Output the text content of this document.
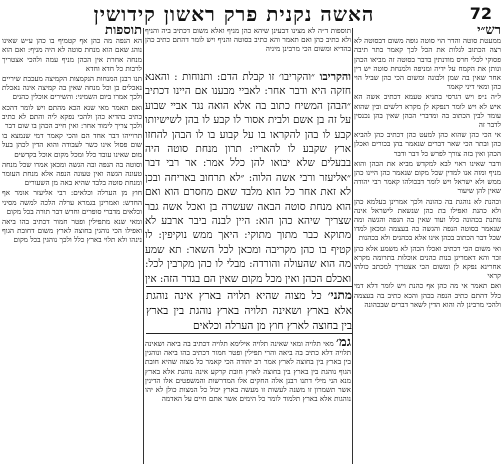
72
האשה נקנית פרק ראשון קידושין
רש״י

ממעטת סוטה והדר הוי סוטה גופה משום דבסוטה לא רצה הכתוב לגלות את הכל לכך קאמר בתר תיבה פסוקי לכלי חרס מודנתין בדבר בסוטה זה מביאו הכהן ונותן את הקמח על ידיה ומניפה ולמנחת סוטה יש דין אחר שאין בה שמן ולבונה ומשום הכי כהן שביל הוי כהן ומאי דיני קאמר

ל״ה נ״פ ויש דגרסי בתניא טעמא דכתיב אשה הא איש לא ויש לומר דנפקא לן מקרא דלשים ובין שהוא עומד לבין הכתוב בה ומדברי הכהן שאין בהן נכנסין לדבר זה

אי הכי כהן שהוא כהן למעט כהן דכתיב כהן להביא כהן ובתר הכי שאר דברים שנאמר בהן בכורים ואכלן הכהן ואין בזה צורך לפרש כל דבר ודבר

ודבר שאינו ראוי לבא למקדש מביא את הכהן והוא מניף ומזה אנו למדין שכל מקום שנאמר כהן היינו כהן ממש ולא ישראל ויש לומר דבכולהו קאמר רבי יהודה שאין להן שיעור

וכהנת לא נוהגת בה כהונה ולכך אמרינן בעלמא כהן ולא כהנת ואפילו בת כהן שנשאת לישראל אינה נותנת בכהונה כלל ועוד שאין בה הנפה והגשה ומה שנאמר בסוטה הנפה והגשה בה בעצמה ומכאן למדו שכל דבר הכתוב בכהן אינו אלא בכהנים ולא בכהנות

ואי משום הכי דכתיב ואכלו הכהן לא משמע אלא כהן זכר והא דאמרינן בנות כהנים אוכלות בתרומה מקרא אחרינא נפקא לן ומשום הכי אצטריך למכתב כולהו קראי

ואם תאמר אי מה כהן אף כהנת ויש לומר דלא דמי כלל דהתם כתיב הנפה בכהן והכא כתיב בה בעצמה ולהכי מרבינן לה והוא הדין לשאר דברים שבכהונה

תוספות ד״ה לא מצינו דבעינן שיהא כהן מניף ואלא משום דכתיב ביה והניף ולא כתיב כהן ואם תאמר והא כתיב בסוטה והניף ויש לומר דהתם כתיב כהן בהדיא ומשום הכי מרבינן מיניה
והקריבו ״והקריבו׳ זו קבלת הדם: ותנוחות : והאנא חזקה היא ודבר אחר: לאביי מבענו אם היינו דכתיב ״הבהן המשיח כתוב בה אלא הואה נגד אביי שבוע על זה בן אשם ולבית אסור לו קבע לו בהן לשישיותו קבע לו בהן להקראו בו על קבוע בו לו הבהן להחזו ארץ שקבע לו להאריו: תרון מנחת סוטה היה בבעלים שלא יבואו להן כלל אמר: אר רבי דבר ״אליעזר ורבי אשה הלוה: ״לא תרחוב באריחה ובכן לא זאת אחר כל הוא מלבד שאם מחסרם הוא ואם הוא מנחת סוטה הבאה שעשרה בן ואכל אשה גבר שצריך שיהא כהן הוא: היין לבנה ביבר ארבע לא מתוקא כבר מתוך מתוקי: היאך ממש נוקיפין: לו קטיף בו כהן מקריבה ומכאן לכל השאר: תא שמע מה הוא שהעולה והורדה: מבלי לו כהן מקרבין לכל: ואכלם הכהן ואין מכל מקום שאין הם בגדר הזה: אין
מתני׳ כל מצוה שהיא תלויה בארץ אינה נוהגת אלא בארץ ושאינה תלויה בארץ נוהגת בין בארץ בין בחוצה לארץ חוץ מן הערלה וכלאים
גמ׳ מאי תלויה ומאי שאינה תלויה אילימא תלויה דכתיב בה ביאה ושאינה תלויה דלא כתיב בה ביאה והרי תפילין ופטר חמור דכתיב בהו ביאה ונוהגין בין בארץ בין בחוצה לארץ אמר רב יהודה הכי קאמר כל מצוה שהיא חובת הגוף נוהגת בין בארץ בין בחוצה לארץ חובת קרקע אינה נוהגת אלא בארץ מנא הני מילי דתנו רבנן אלה החקים אלו המדרשות והמשפטים אלו הדינין אשר תשמרון זו משנה לעשות זו מעשה בארץ יכול כל המצות כולן לא יהו נוהגות אלא בארץ תלמוד לומר כל הימים אשר אתם חיים על האדמה
תוספות

הא הנפה מה כהן אף קטמיף בו כהן ע״ש שאינו נוהג שאם הוא מנחת סוטה לא היה מניף: ואם הוא מנחה אחרת אין הכהן מניף עמה ולהכי אצטריך לרבות כל חדא וחדא

תנו רבנן המנחות הנקמצות הקמיצה מעכבת שיריים נאכלים בן וכל מנחה שאין בה קמיצה אינה נאכלת ולכך אמרו ביום השמיני: והשירים אוכלין כהנים

ואם תאמר מאי שנא הכא מהתם ויש לומר דהכא כתיב בהדיא כהן ולהכי נפקא ליה והתם לא כתיב ולכך צריך לימוד אחר: ואין חייב הכהן בו שום דבר

תרוייהו דבר אחד הם והכי קאמר דמי שנמצא בו שום פסול אינו כשר לעבודה והוא הדין לכהן בעל מום שאינו עובד כלל ומכל מקום אוכל בקדשים

וסוטה בה הנפה ובה הגשה ומכאן אמרו שכל מנחה טעונה הגשה ואין טעונה הנפה אלא מנחת העומר ומנחת סוטה בלבד שהיא באה מן השעורים

חוץ מן הערלה וכלאים: רבי אליעזר אומר אף החדש: ואמרינן בגמרא ערלה הלכה למשה מסיני וכלאים מדברי סופרים וחדש דבר תורה בכל מקום

ומאי שנא מתפילין ופטר חמור דכתיב בהו ביאה ואפילו הכי נוהגין בחוצה לארץ משום דחובת הגוף נינהו ולא תלוי בארץ כלל ולכך נוהגין בכל מקום
